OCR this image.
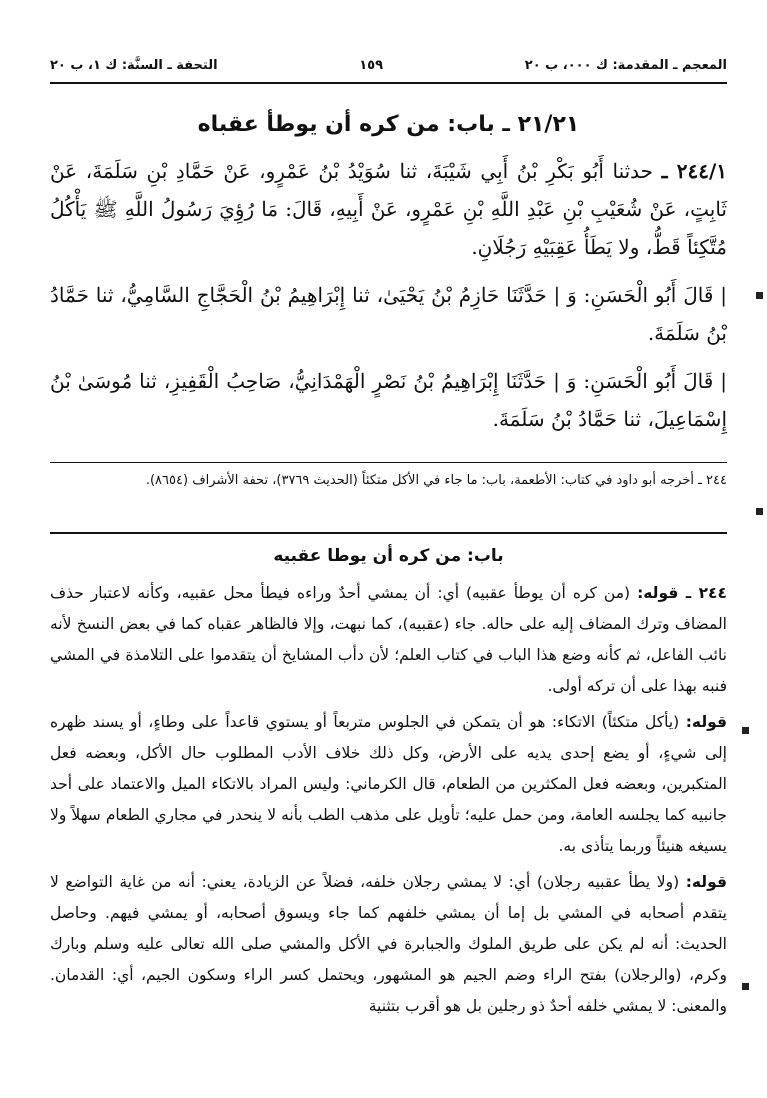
التحفة ـ السنَّة: ك ١، ب ٢٠	١٥٩	المعجم ـ المقدمة: ك ٠٠٠، ب ٢٠
٢١/٢١ ـ باب: من كره أن يوطأ عقباه

٢٤٤/١ ـ حدثنا أَبُو بَكْرِ بْنُ أَبِي شَيْبَةَ، ثنا سُوَيْدُ بْنُ عَمْرٍو، عَنْ حَمَّادِ بْنِ سَلَمَةَ، عَنْ ثَابِتٍ، عَنْ شُعَيْبِ بْنِ عَبْدِ اللَّهِ بْنِ عَمْرٍو، عَنْ أَبِيهِ، قَالَ: مَا رُؤِيَ رَسُولُ اللَّهِ ﷺ يَأْكُلُ مُتَّكِئاً قَطُّ، ولا يَطَأُ عَقِبَيْهِ رَجُلَانِ.

| قَالَ أَبُو الْحَسَنِ: وَ | حَدَّثَنَا حَازِمُ بْنُ يَحْيَىٰ، ثنا إِبْرَاهِيمُ بْنُ الْحَجَّاجِ السَّامِيُّ، ثنا حَمَّادُ بْنُ سَلَمَةَ.

| قَالَ أَبُو الْحَسَنِ: وَ | حَدَّثَنَا إِبْرَاهِيمُ بْنُ نَصْرٍ الْهَمْدَانِيُّ، صَاحِبُ الْقَفِيزِ، ثنا مُوسَىٰ بْنُ إِسْمَاعِيلَ، ثنا حَمَّادُ بْنُ سَلَمَةَ.

٢٤٤ ـ أخرجه أبو داود في كتاب: الأطعمة، باب: ما جاء في الأكل متكئاً (الحديث ٣٧٦٩)، تحفة الأشراف (٨٦٥٤).
باب: من كره أن يوطا عقبيه

٢٤٤ ـ قوله: (من كره أن يوطأ عقبيه) أي: أن يمشي أحدٌ وراءه فيطأ محل عقبيه، وكأنه لاعتبار حذف المضاف وترك المضاف إليه على حاله. جاء (عقبيه)، كما نبهت، وإلا فالظاهر عقباه كما في بعض النسخ لأنه نائب الفاعل، ثم كأنه وضع هذا الباب في كتاب العلم؛ لأن دأب المشايخ أن يتقدموا على التلامذة في المشي فنبه بهذا على أن تركه أولى.

قوله: (يأكل متكئاً) الاتكاء: هو أن يتمكن في الجلوس متربعاً أو يستوي قاعداً على وطاءٍ، أو يسند ظهره إلى شيءٍ، أو يضع إحدى يديه على الأرض، وكل ذلك خلاف الأدب المطلوب حال الأكل، وبعضه فعل المتكبرين، وبعضه فعل المكثرين من الطعام، قال الكرماني: وليس المراد بالاتكاء الميل والاعتماد على أحد جانبيه كما يجلسه العامة، ومن حمل عليه؛ تأويل على مذهب الطب بأنه لا ينحدر في مجاري الطعام سهلاً ولا يسيغه هنيئاً وربما يتأذى به.

قوله: (ولا يطأ عقبيه رجلان) أي: لا يمشي رجلان خلفه، فضلاً عن الزيادة، يعني: أنه من غاية التواضع لا يتقدم أصحابه في المشي بل إما أن يمشي خلفهم كما جاء ويسوق أصحابه، أو يمشي فيهم. وحاصل الحديث: أنه لم يكن على طريق الملوك والجبابرة في الأكل والمشي صلى الله تعالى عليه وسلم وبارك وكرم، (والرجلان) بفتح الراء وضم الجيم هو المشهور، ويحتمل كسر الراء وسكون الجيم، أي: القدمان. والمعنى: لا يمشي خلفه أحدٌ ذو رجلين بل هو أقرب بتثنية
